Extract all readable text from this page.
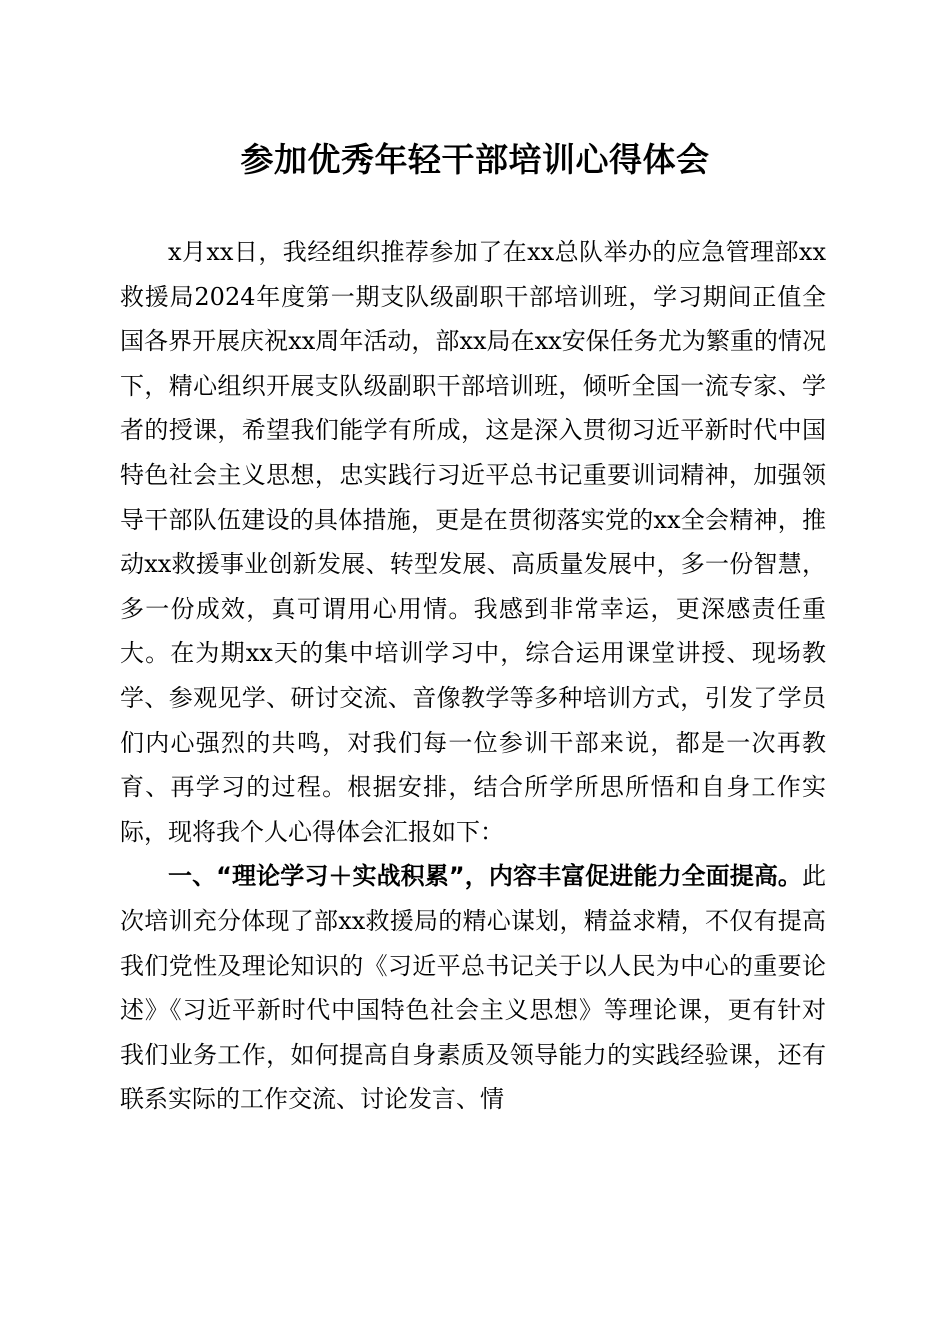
参加优秀年轻干部培训心得体会

x月xx日，我经组织推荐参加了在xx总队举办的应急管理部xx救援局2024年度第一期支队级副职干部培训班，学习期间正值全国各界开展庆祝xx周年活动，部xx局在xx安保任务尤为繁重的情况下，精心组织开展支队级副职干部培训班，倾听全国一流专家、学者的授课，希望我们能学有所成，这是深入贯彻习近平新时代中国特色社会主义思想，忠实践行习近平总书记重要训词精神，加强领导干部队伍建设的具体措施，更是在贯彻落实党的xx全会精神，推动xx救援事业创新发展、转型发展、高质量发展中，多一份智慧，多一份成效，真可谓用心用情。我感到非常幸运，更深感责任重大。在为期xx天的集中培训学习中，综合运用课堂讲授、现场教学、参观见学、研讨交流、音像教学等多种培训方式，引发了学员们内心强烈的共鸣，对我们每一位参训干部来说，都是一次再教育、再学习的过程。根据安排，结合所学所思所悟和自身工作实际，现将我个人心得体会汇报如下：

一、“理论学习＋实战积累”，内容丰富促进能力全面提高。此次培训充分体现了部xx救援局的精心谋划，精益求精，不仅有提高我们党性及理论知识的《习近平总书记关于以人民为中心的重要论述》《习近平新时代中国特色社会主义思想》等理论课，更有针对我们业务工作，如何提高自身素质及领导能力的实践经验课，还有联系实际的工作交流、讨论发言、情
